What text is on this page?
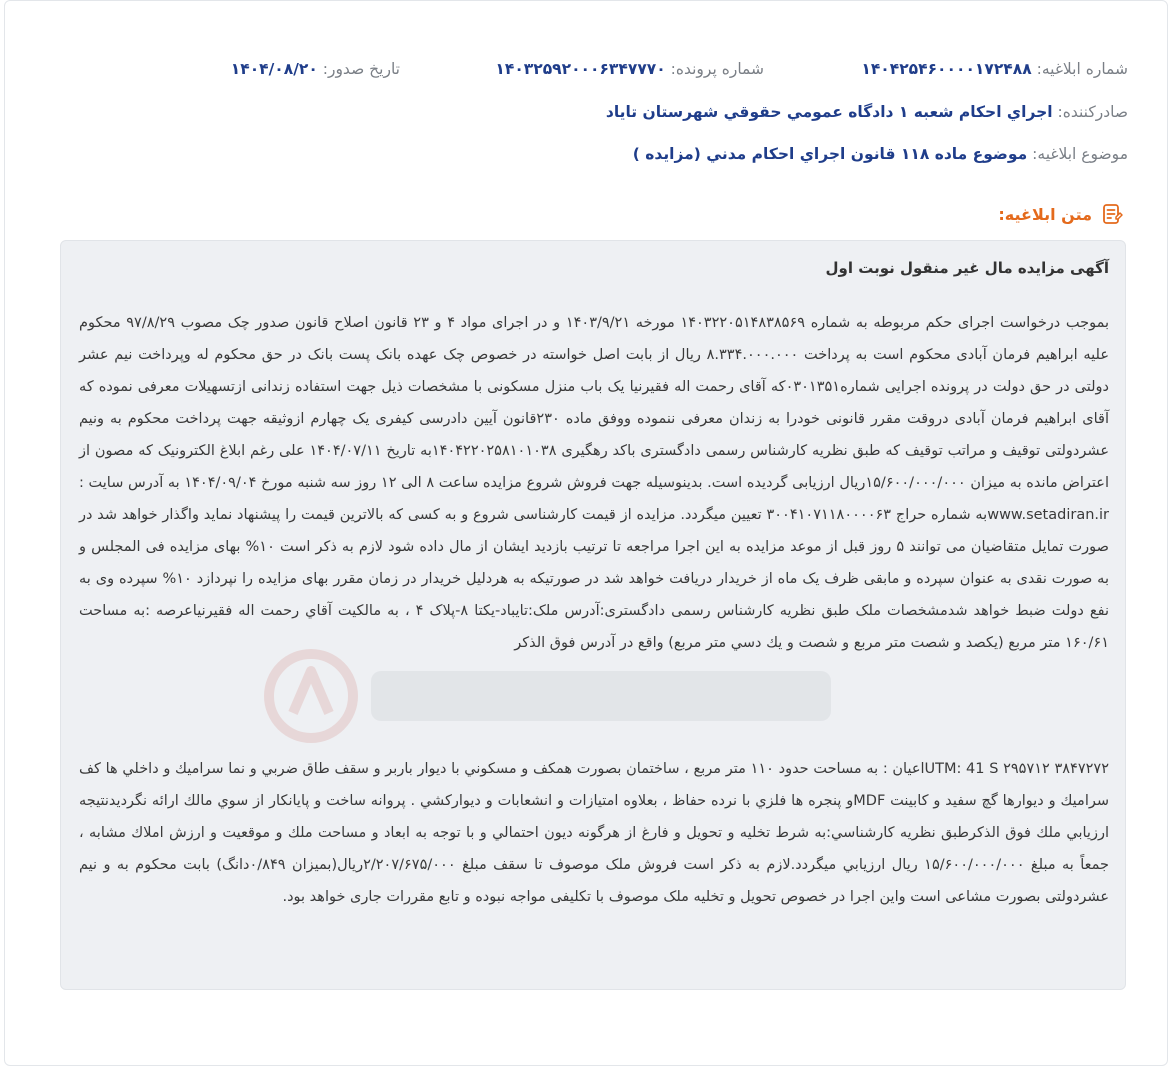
شماره ابلاغيه: ۱۴۰۴۲۵۴۶۰۰۰۰۱۷۲۴۸۸
شماره پرونده: ۱۴۰۳۲۵۹۲۰۰۰۶۳۴۷۷۷۰
تاريخ صدور: ۱۴۰۴/۰۸/۲۰
صادرکننده: اجراي احكام شعبه ۱ دادگاه عمومي حقوقي شهرستان تاياد
موضوع ابلاغيه: موضوع ماده ۱۱۸ قانون اجراي احکام مدني (مزايده )
متن ابلاغيه:
آگهی مزایده مال غیر منقول نوبت اول
بموجب درخواست اجرای حکم مربوطه به شماره ۱۴۰۳۲۲۰۵۱۴۸۳۸۵۶۹ مورخه ۱۴۰۳/۹/۲۱ و در اجرای مواد ۴ و ۲۳ قانون اصلاح قانون صدور چک مصوب ۹۷/۸/۲۹ محکوم علیه ابراهیم فرمان آبادی محکوم است به پرداخت ۸.۳۳۴.۰۰۰.۰۰۰ ریال از بابت اصل خواسته در خصوص چک عهده بانک پست بانک در حق محکوم له وپرداخت نیم عشر دولتی در حق دولت در پرونده اجرایی شماره۰۳۰۱۳۵۱که آقای رحمت اله فقیرنیا یک باب منزل مسکونی با مشخصات ذیل جهت استفاده زندانی ازتسهیلات معرفی نموده که آقای ابراهیم فرمان آبادی دروقت مقرر قانونی خودرا به زندان معرفی ننموده ووفق ماده ۲۳۰قانون آیین دادرسی کیفری یک چهارم ازوثیقه جهت پرداخت محکوم به ونیم عشردولتی توقیف و مراتب توقیف که طبق نظریه کارشناس رسمی دادگستری باکد رهگیری ۱۴۰۴۲۲۰۲۵۸۱۰۱۰۳۸به تاریخ ۱۴۰۴/۰۷/۱۱ علی رغم ابلاغ الکترونیک که مصون از اعتراض مانده به میزان ۱۵/۶۰۰/۰۰۰/۰۰۰ریال ارزیابی گردیده است. بدینوسیله جهت فروش شروع مزایده ساعت ۸ الی ۱۲ روز سه شنبه مورخ ۱۴۰۴/۰۹/۰۴ به آدرس سایت : www.setadiran.irبه شماره حراج ۳۰۰۴۱۰۷۱۱۸۰۰۰۰۶۳ تعیین میگردد. مزایده از قیمت کارشناسی شروع و به کسی که بالاترین قیمت را پیشنهاد نماید واگذار خواهد شد در صورت تمایل متقاضیان می توانند ۵ روز قبل از موعد مزایده به این اجرا مراجعه تا ترتیب بازدید ایشان از مال داده شود لازم به ذکر است ۱۰% بهای مزایده فی المجلس و به صورت نقدی به عنوان سپرده و مابقی ظرف یک ماه از خریدار دریافت خواهد شد در صورتیکه به هردلیل خریدار در زمان مقرر بهای مزایده را نپردازد ۱۰% سپرده وی به نفع دولت ضبط خواهد شدمشخصات ملک طبق نظریه کارشناس رسمی دادگستری:آدرس ملک:تایباد-یکتا ۸-پلاک ۴ ، به مالكيت آقاي رحمت اله فقيرنياعرصه :به مساحت ۱۶۰/۶۱ متر مربع (يكصد و شصت متر مربع و شصت و يك دسي متر مربع) واقع در آدرس فوق الذکر
UTM: 41 S ۲۹۵۷۱۲ ۳۸۴۷۲۷۲اعيان : به مساحت حدود ۱۱۰ متر مربع ، ساختمان بصورت همكف و مسكوني با ديوار باربر و سقف طاق ضربي و نما سراميك و داخلي ها كف سراميك و ديوارها گچ سفيد و كابينت MDFو پنجره ها فلزي با نرده حفاظ ، بعلاوه امتيازات و انشعابات و ديواركشي . پروانه ساخت و پايانكار از سوي مالك ارائه نگرديدنتيجه ارزيابي ملك فوق الذكرطبق نظريه كارشناسي:به شرط تخليه و تحويل و فارغ از هرگونه ديون احتمالي و با توجه به ابعاد و مساحت ملك و موقعيت و ارزش املاك مشابه ، جمعاً به مبلغ ۱۵/۶۰۰/۰۰۰/۰۰۰ ريال ارزيابي ميگردد.لازم به ذکر است فروش ملک موصوف تا سقف مبلغ ۲/۲۰۷/۶۷۵/۰۰۰ریال(بمیزان ۰/۸۴۹دانگ) بابت محکوم به و نیم عشردولتی بصورت مشاعی است واین اجرا در خصوص تحویل و تخلیه ملک موصوف با تکلیفی مواجه نبوده و تابع مقررات جاری خواهد بود.
